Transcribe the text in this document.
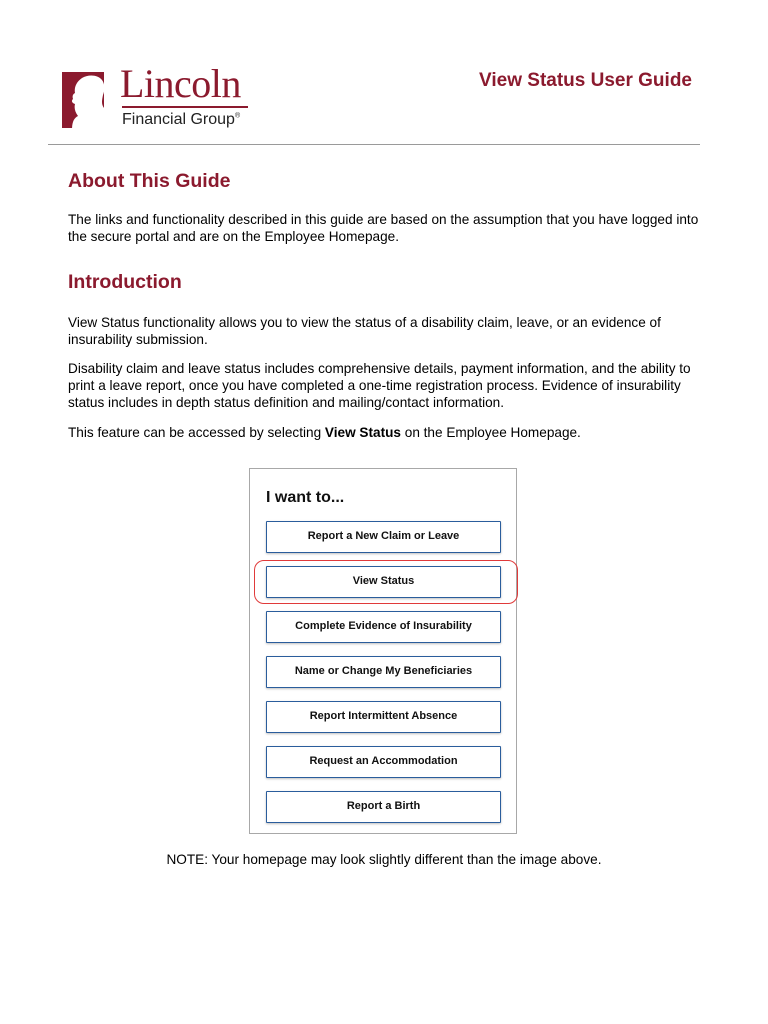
Lincoln
Financial Group®
View Status User Guide
About This Guide

The links and functionality described in this guide are based on the assumption that you have logged into the secure portal and are on the Employee Homepage.

Introduction

View Status functionality allows you to view the status of a disability claim, leave, or an evidence of insurability submission.

Disability claim and leave status includes comprehensive details, payment information, and the ability to print a leave report, once you have completed a one-time registration process. Evidence of insurability status includes in depth status definition and mailing/contact information.

This feature can be accessed by selecting View Status on the Employee Homepage.

I want to...
Report a New Claim or Leave
View Status
Complete Evidence of Insurability
Name or Change My Beneficiaries
Report Intermittent Absence
Request an Accommodation
Report a Birth
NOTE: Your homepage may look slightly different than the image above.
